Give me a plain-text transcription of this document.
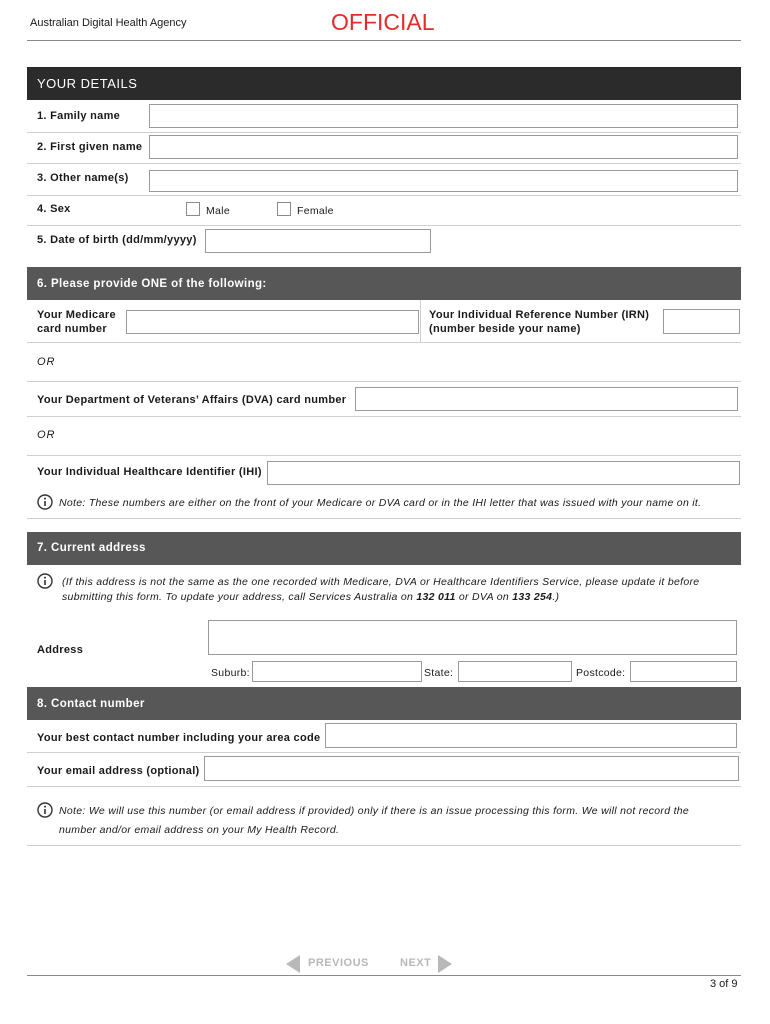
Australian Digital Health Agency	OFFICIAL
YOUR DETAILS
1. Family name
2. First given name
3. Other name(s)
4. Sex	Male	Female
5. Date of birth (dd/mm/yyyy)
6. Please provide ONE of the following:
Your Medicare
card number
Your Individual Reference Number (IRN)
(number beside your name)
OR
Your Department of Veterans’ Affairs (DVA) card number
OR
Your Individual Healthcare Identifier (IHI)
Note: These numbers are either on the front of your Medicare or DVA card or in the IHI letter that was issued with your name on it.
7. Current address
(If this address is not the same as the one recorded with Medicare, DVA or Healthcare Identifiers Service, please update it before
submitting this form. To update your address, call Services Australia on 132 011 or DVA on 133 254.)
Address
Suburb:	State:	Postcode:
8. Contact number
Your best contact number including your area code
Your email address (optional)
Note: We will use this number (or email address if provided) only if there is an issue processing this form. We will not record the
number and/or email address on your My Health Record.
PREVIOUS	NEXT
3 of 9
